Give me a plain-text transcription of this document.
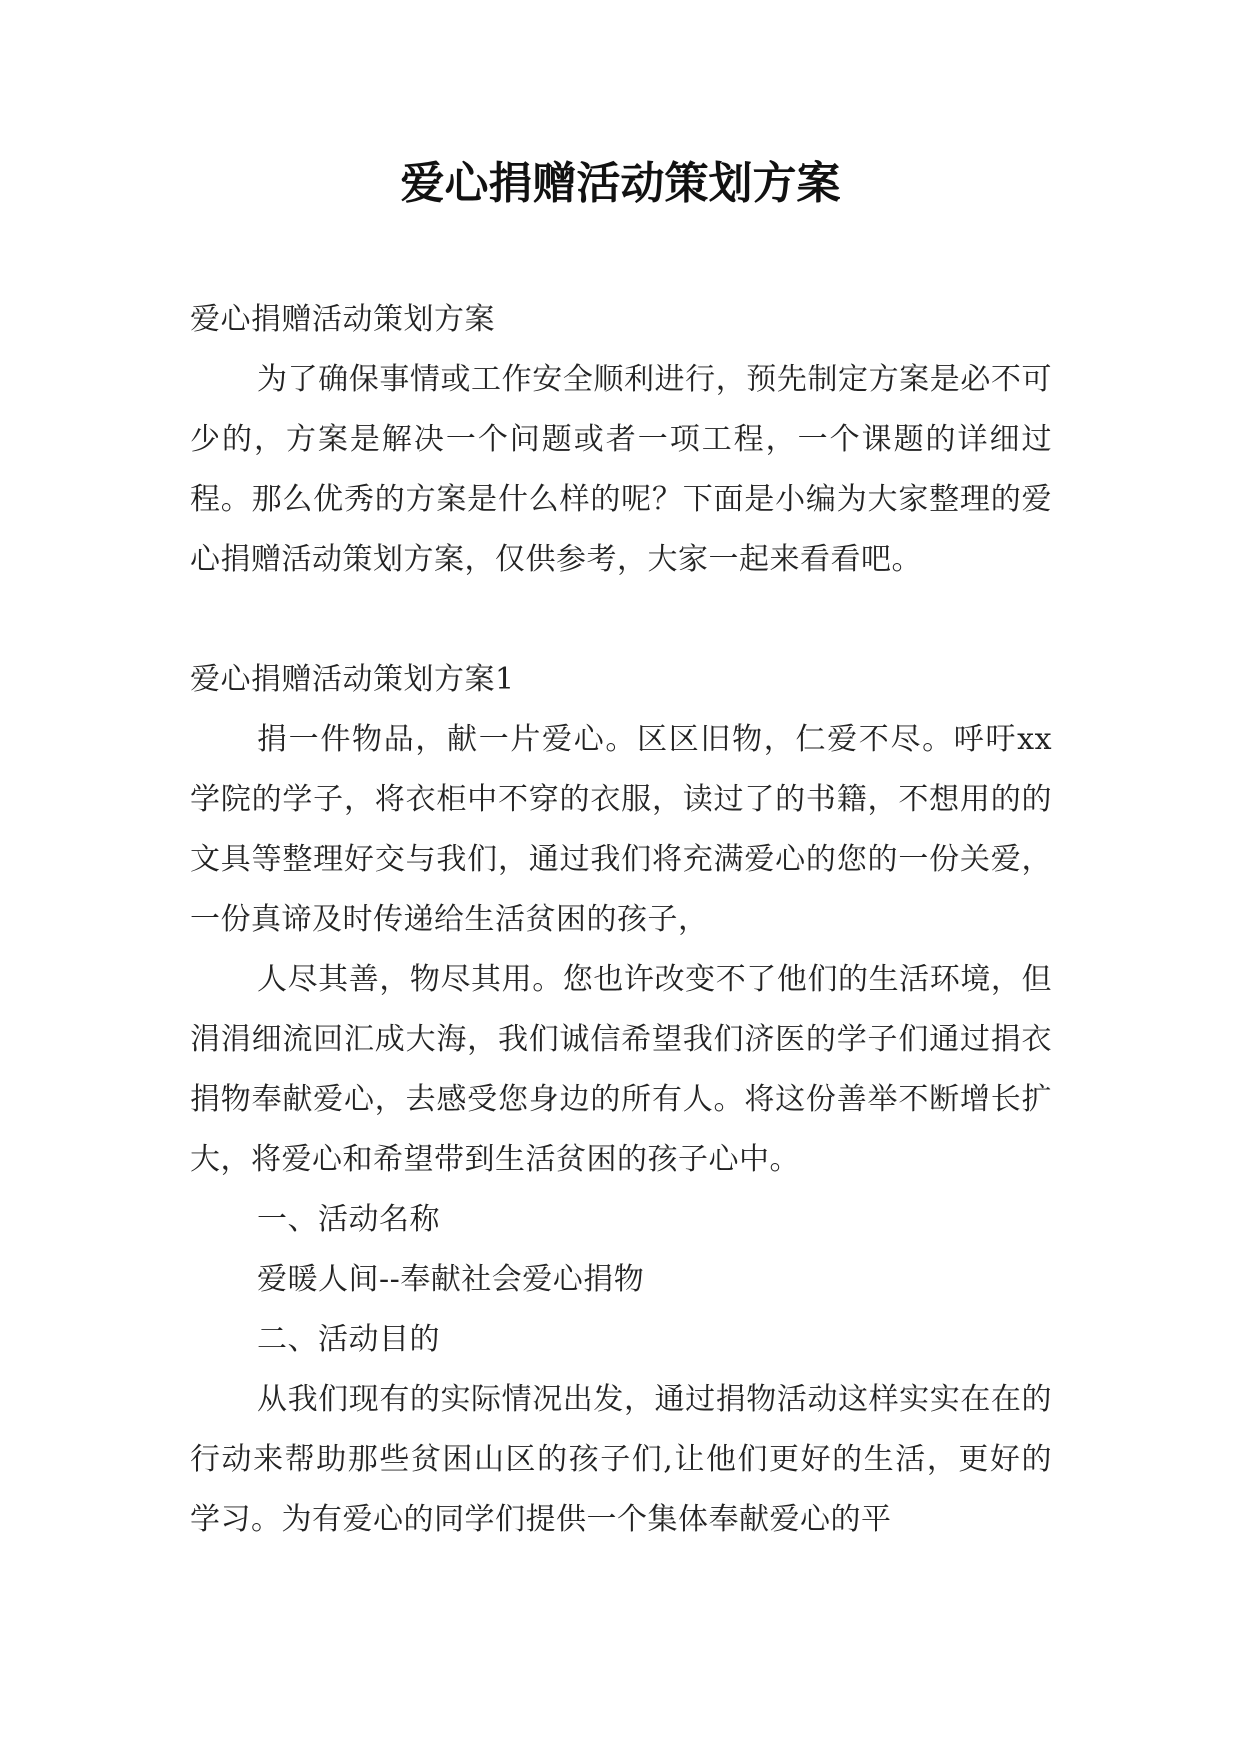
爱心捐赠活动策划方案

爱心捐赠活动策划方案

为了确保事情或工作安全顺利进行，预先制定方案是必不可少的，方案是解决一个问题或者一项工程，一个课题的详细过程。那么优秀的方案是什么样的呢？下面是小编为大家整理的爱心捐赠活动策划方案，仅供参考，大家一起来看看吧。

爱心捐赠活动策划方案1

捐一件物品，献一片爱心。区区旧物，仁爱不尽。呼吁xx学院的学子，将衣柜中不穿的衣服，读过了的书籍，不想用的的文具等整理好交与我们，通过我们将充满爱心的您的一份关爱，一份真谛及时传递给生活贫困的孩子，

人尽其善，物尽其用。您也许改变不了他们的生活环境，但涓涓细流回汇成大海，我们诚信希望我们济医的学子们通过捐衣捐物奉献爱心，去感受您身边的所有人。将这份善举不断增长扩大，将爱心和希望带到生活贫困的孩子心中。

一、活动名称

爱暖人间--奉献社会爱心捐物

二、活动目的

从我们现有的实际情况出发，通过捐物活动这样实实在在的行动来帮助那些贫困山区的孩子们,让他们更好的生活，更好的学习。为有爱心的同学们提供一个集体奉献爱心的平
